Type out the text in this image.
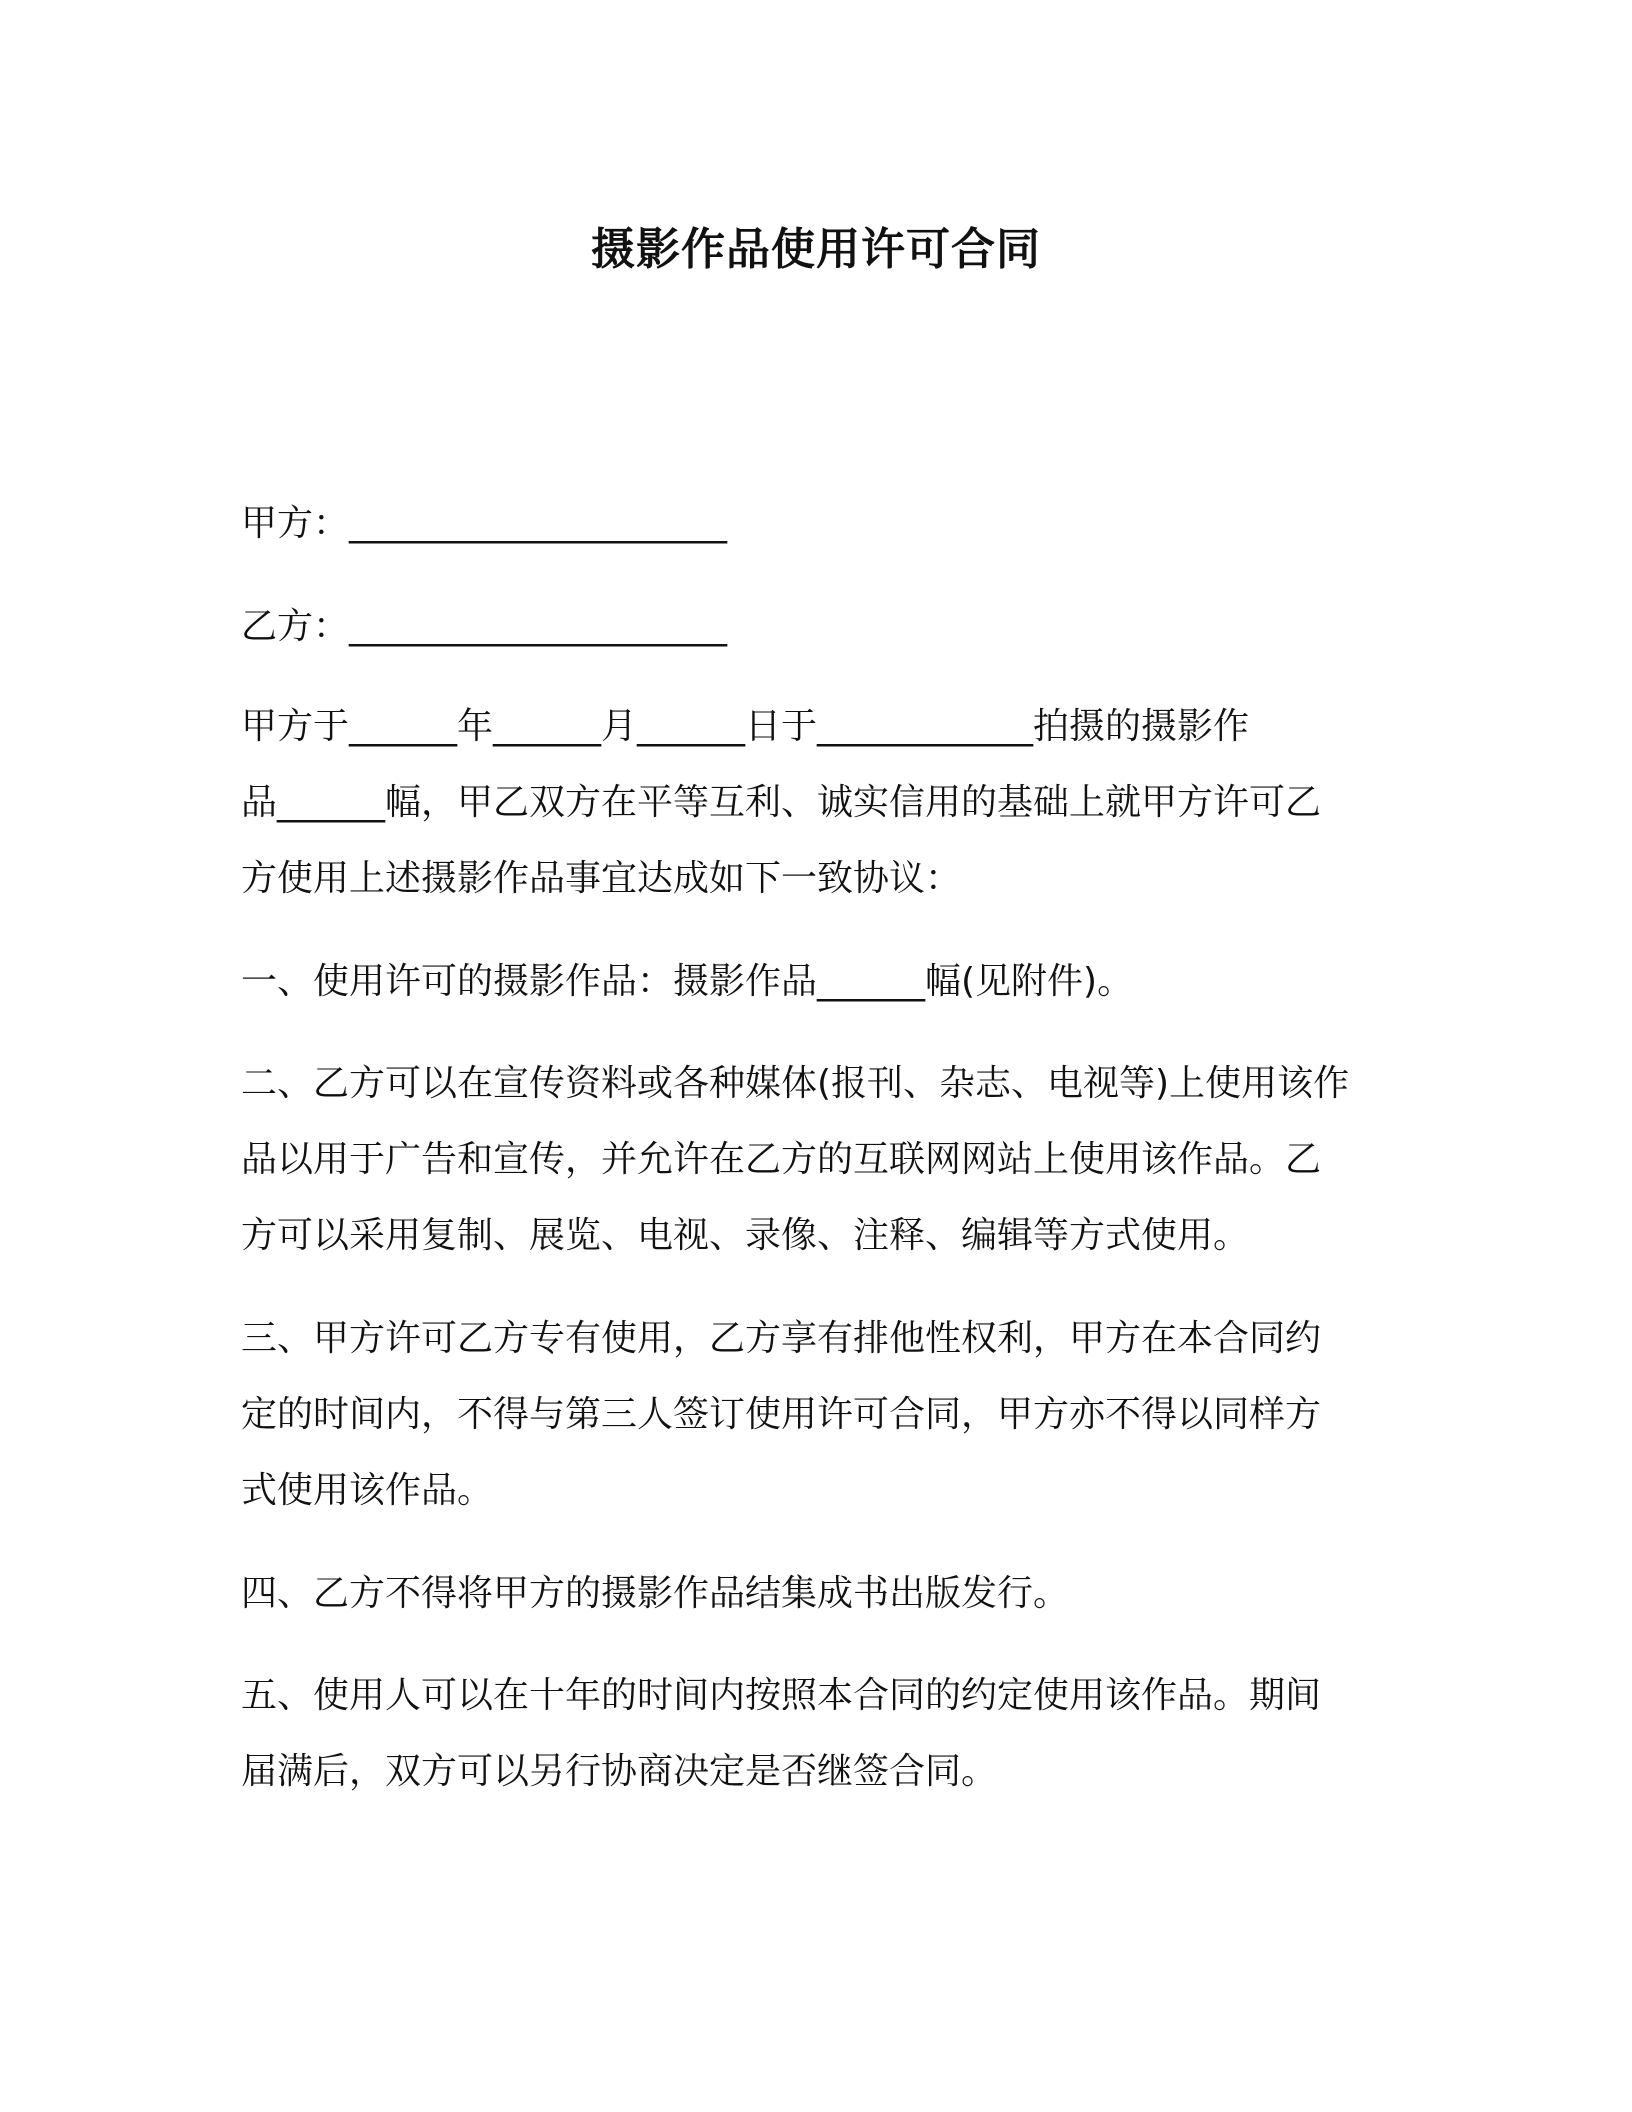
摄影作品使用许可合同
甲方：_____________________
乙方：_____________________
甲方于______年______月______日于____________拍摄的摄影作
品______幅，甲乙双方在平等互利、诚实信用的基础上就甲方许可乙
方使用上述摄影作品事宜达成如下一致协议：
一、使用许可的摄影作品：摄影作品______幅(见附件)。
二、乙方可以在宣传资料或各种媒体(报刊、杂志、电视等)上使用该作
品以用于广告和宣传，并允许在乙方的互联网网站上使用该作品。乙
方可以采用复制、展览、电视、录像、注释、编辑等方式使用。
三、甲方许可乙方专有使用，乙方享有排他性权利，甲方在本合同约
定的时间内，不得与第三人签订使用许可合同，甲方亦不得以同样方
式使用该作品。
四、乙方不得将甲方的摄影作品结集成书出版发行。
五、使用人可以在十年的时间内按照本合同的约定使用该作品。期间
届满后，双方可以另行协商决定是否继签合同。
